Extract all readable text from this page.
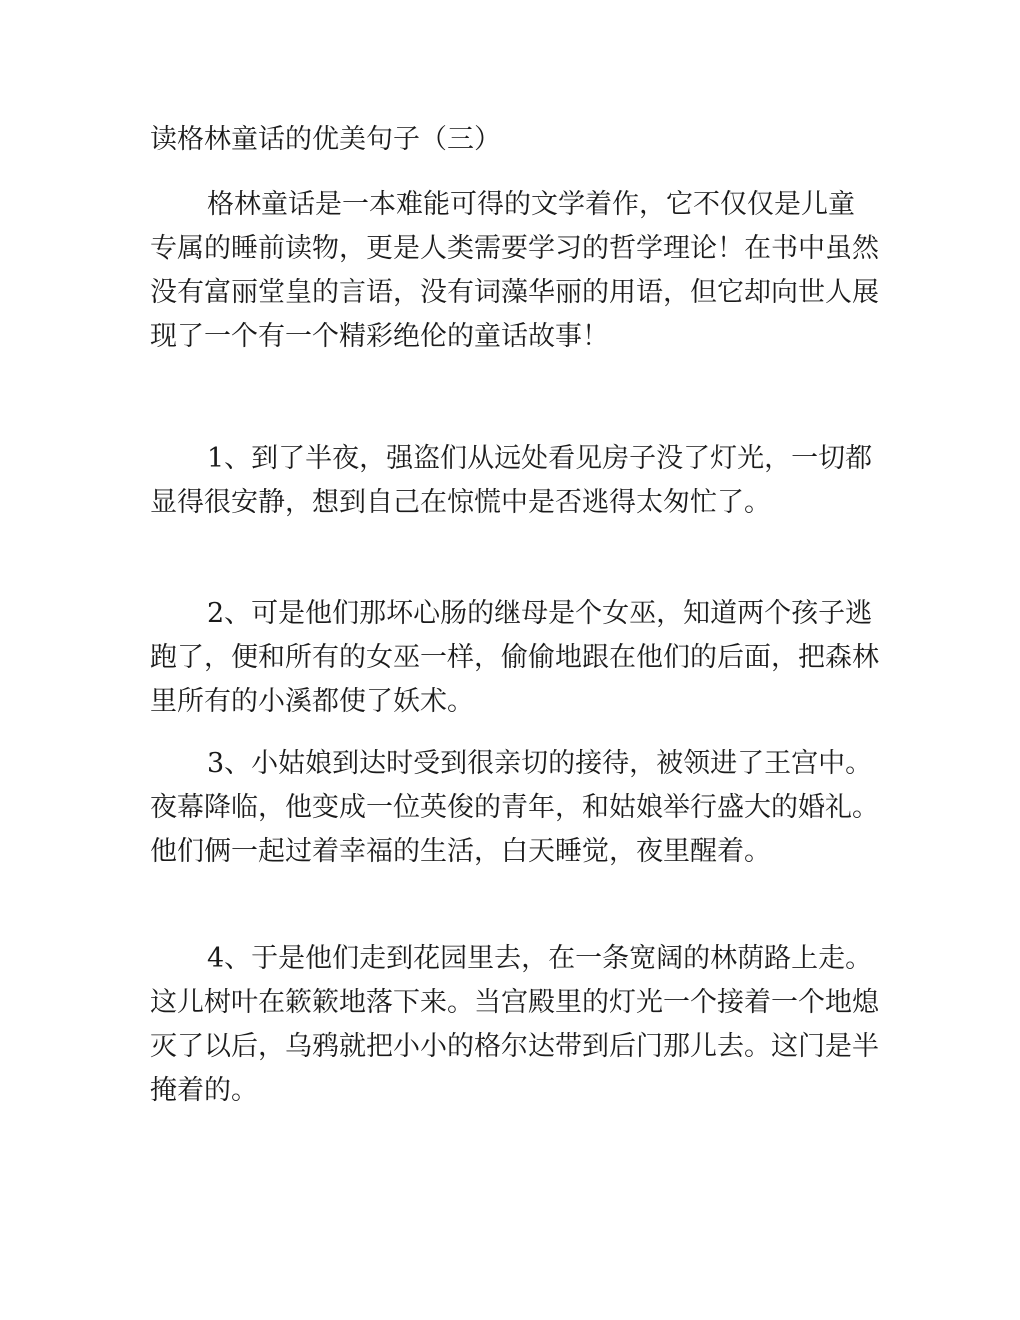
读格林童话的优美句子（三）

格林童话是一本难能可得的文学着作，它不仅仅是儿童专属的睡前读物，更是人类需要学习的哲学理论！在书中虽然没有富丽堂皇的言语，没有词藻华丽的用语，但它却向世人展现了一个有一个精彩绝伦的童话故事！

1、到了半夜，强盗们从远处看见房子没了灯光，一切都显得很安静，想到自己在惊慌中是否逃得太匆忙了。

2、可是他们那坏心肠的继母是个女巫，知道两个孩子逃跑了，便和所有的女巫一样，偷偷地跟在他们的后面，把森林里所有的小溪都使了妖术。

3、小姑娘到达时受到很亲切的接待，被领进了王宫中。夜幕降临，他变成一位英俊的青年，和姑娘举行盛大的婚礼。他们俩一起过着幸福的生活，白天睡觉，夜里醒着。

4、于是他们走到花园里去，在一条宽阔的林荫路上走。这儿树叶在簌簌地落下来。当宫殿里的灯光一个接着一个地熄灭了以后，乌鸦就把小小的格尔达带到后门那儿去。这门是半掩着的。
